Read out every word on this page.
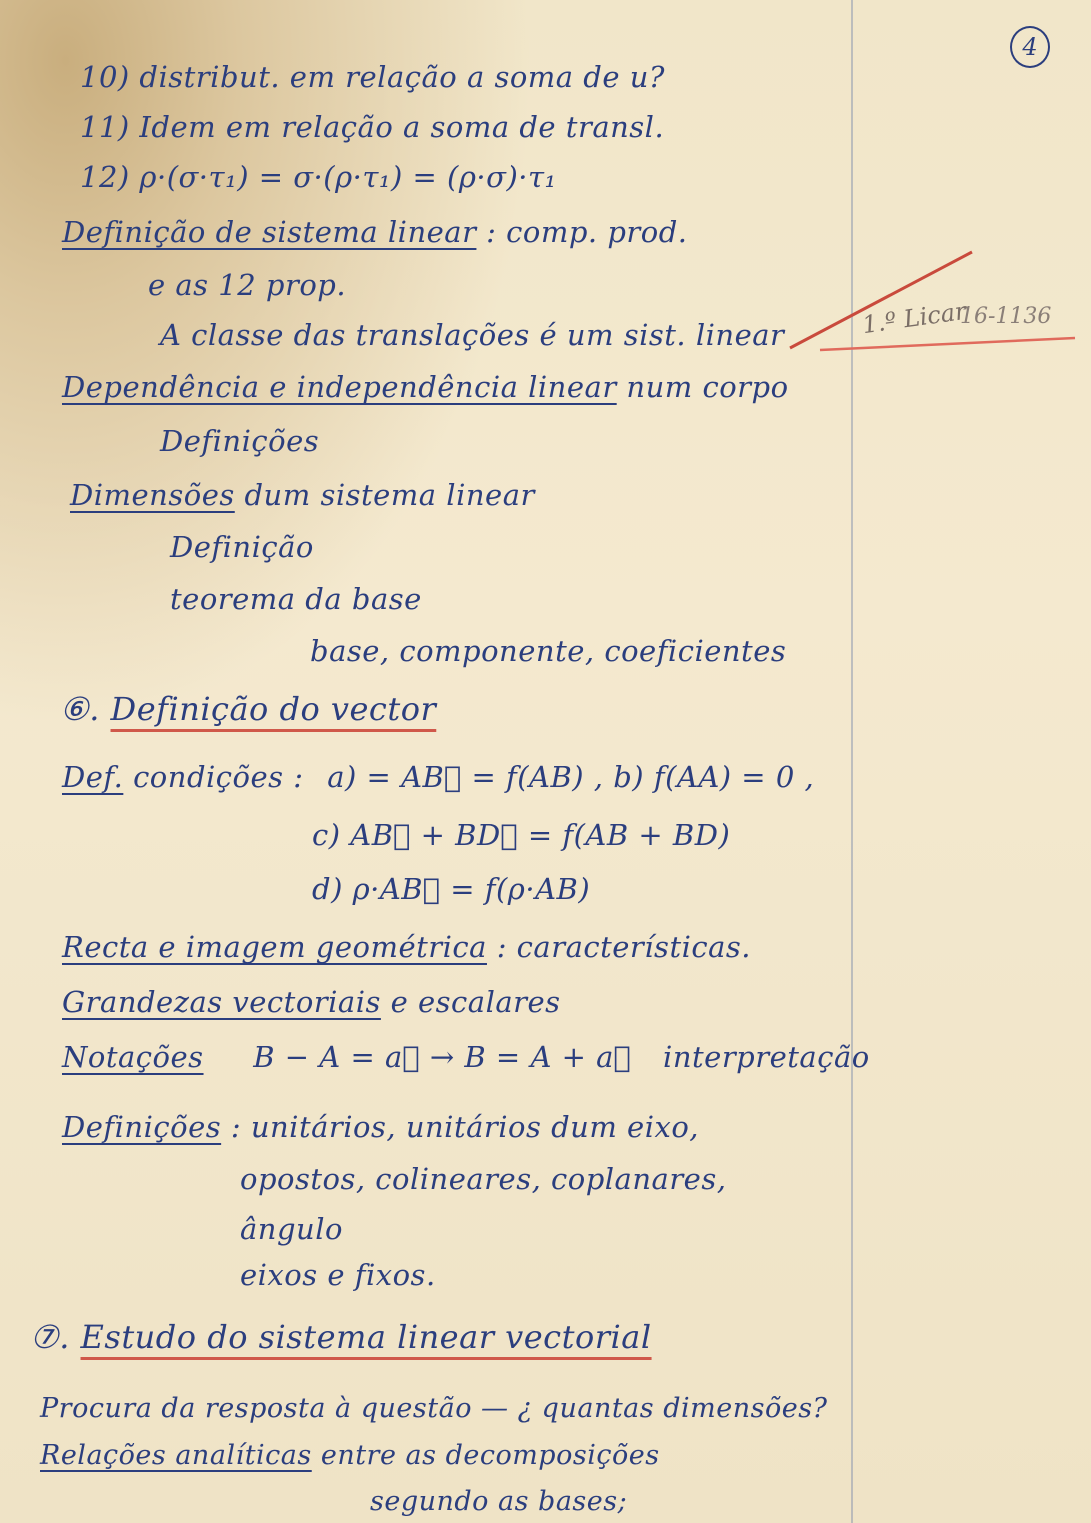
4
1.º Licar
16-1136
10) distribut. em relação a soma de u?
11) Idem em relação a soma de transl.
12) ρ·(σ·τ₁) = σ·(ρ·τ₁) = (ρ·σ)·τ₁
Definição de sistema linear : comp. prod.
e as 12 prop.
A classe das translações é um sist. linear
Dependência e independência linear num corpo
Definições
Dimensões dum sistema linear
Definição
teorema da base
base, componente, coeficientes
⑥. Definição do vector
Def. condições : a) = AB⃗ = f(AB) , b) f(AA) = 0 ,
c) AB⃗ + BD⃗ = f(AB + BD)
d) ρ·AB⃗ = f(ρ·AB)
Recta e imagem geométrica : características.
Grandezas vectoriais e escalares
Notações B − A = a⃗ → B = A + a⃗ interpretação
Definições : unitários, unitários dum eixo,
opostos, colineares, coplanares,
ângulo
eixos e fixos.
⑦. Estudo do sistema linear vectorial
Procura da resposta à questão — ¿ quantas dimensões?
Relações analíticas entre as decomposições
segundo as bases;
